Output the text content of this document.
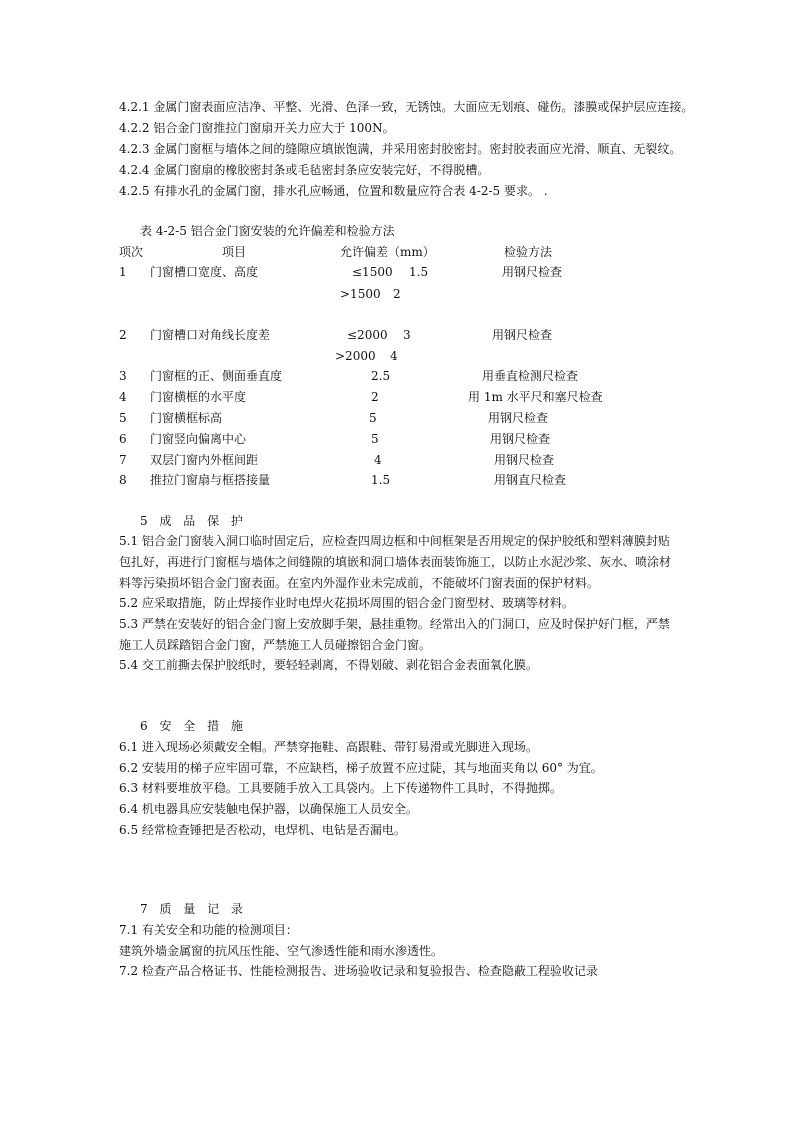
4.2.1 金属门窗表面应洁净、平整、光滑、色泽一致，无锈蚀。大面应无划痕、碰伤。漆膜或保护层应连接。
4.2.2 铝合金门窗推拉门窗扇开关力应大于 100N。
4.2.3 金属门窗框与墙体之间的缝隙应填嵌饱满，并采用密封胶密封。密封胶表面应光滑、顺直、无裂纹。
4.2.4 金属门窗扇的橡胶密封条或毛毡密封条应安装完好，不得脱槽。
4.2.5 有排水孔的金属门窗，排水孔应畅通，位置和数量应符合表 4-2-5 要求。 .
表 4-2-5 铝合金门窗安装的允许偏差和检验方法
项次	项目	允许偏差（mm）	检验方法
1 门窗槽口宽度、高度	≤1500 1.5	用钢尺检查
>1500 2
2 门窗槽口对角线长度差	≤2000 3	用钢尺检查
>2000 4
3 门窗框的正、侧面垂直度	2.5	用垂直检测尺检查
4 门窗横框的水平度	2	用 1m 水平尺和塞尺检查
5 门窗横框标高	5	用钢尺检查
6 门窗竖向偏离中心	5	用钢尺检查
7 双层门窗内外框间距	4	用钢尺检查
8 推拉门窗扇与框搭接量	1.5	用钢直尺检查
5 成 品 保 护
5.1 铝合金门窗装入洞口临时固定后，应检查四周边框和中间框架是否用规定的保护胶纸和塑料薄膜封贴
包扎好，再进行门窗框与墙体之间缝隙的填嵌和洞口墙体表面装饰施工，以防止水泥沙浆、灰水、喷涂材
料等污染损坏铝合金门窗表面。在室内外湿作业未完成前，不能破坏门窗表面的保护材料。
5.2 应采取措施，防止焊接作业时电焊火花损坏周围的铝合金门窗型材、玻璃等材料。
5.3 严禁在安装好的铝合金门窗上安放脚手架，悬挂重物。经常出入的门洞口，应及时保护好门框，严禁
施工人员踩踏铝合金门窗，严禁施工人员碰擦铝合金门窗。
5.4 交工前撕去保护胶纸时，要轻轻剥离，不得划破、剥花铝合金表面氧化膜。
6 安 全 措 施
6.1 进入现场必须戴安全帽。严禁穿拖鞋、高跟鞋、带钉易滑或光脚进入现场。
6.2 安装用的梯子应牢固可靠，不应缺档，梯子放置不应过陡，其与地面夹角以 60° 为宜。
6.3 材料要堆放平稳。工具要随手放入工具袋内。上下传递物件工具时，不得抛掷。
6.4 机电器具应安装触电保护器，以确保施工人员安全。
6.5 经常检查锤把是否松动，电焊机、电钻是否漏电。
7 质 量 记 录
7.1 有关安全和功能的检测项目：
建筑外墙金属窗的抗风压性能、空气渗透性能和雨水渗透性。
7.2 检查产品合格证书、性能检测报告、进场验收记录和复验报告、检查隐蔽工程验收记录
